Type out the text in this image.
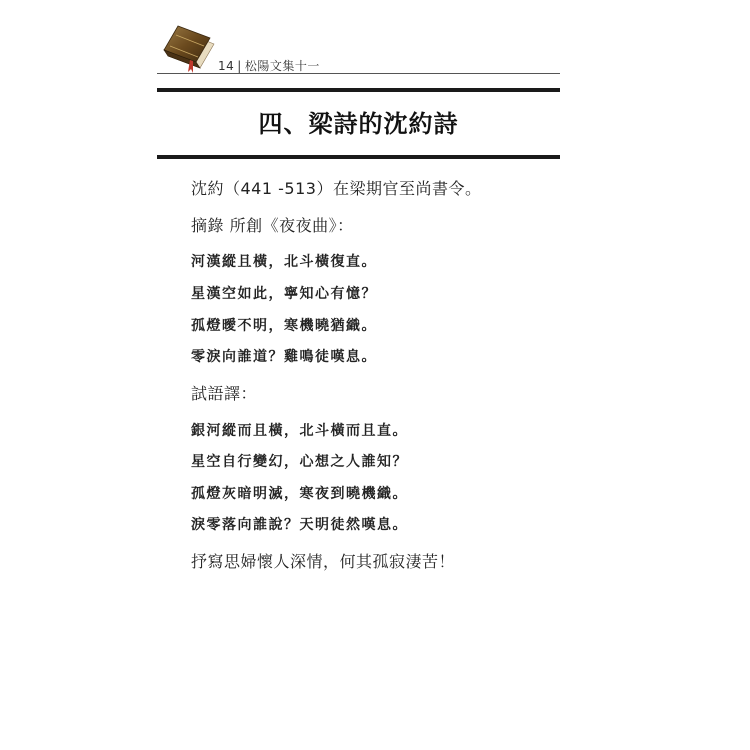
14 | 松陽文集十一
四、梁詩的沈約詩
沈約（441 -513）在梁期官至尚書令。
摘錄 所創《夜夜曲》：
河漢縱且橫，北斗橫復直。
星漢空如此，寧知心有憶？
孤燈曖不明，寒機曉猶織。
零淚向誰道？雞鳴徒嘆息。
試語譯：
銀河縱而且橫，北斗橫而且直。
星空自行變幻，心想之人誰知？
孤燈灰暗明滅，寒夜到曉機織。
淚零落向誰說？天明徒然嘆息。
抒寫思婦懷人深情，何其孤寂淒苦！
